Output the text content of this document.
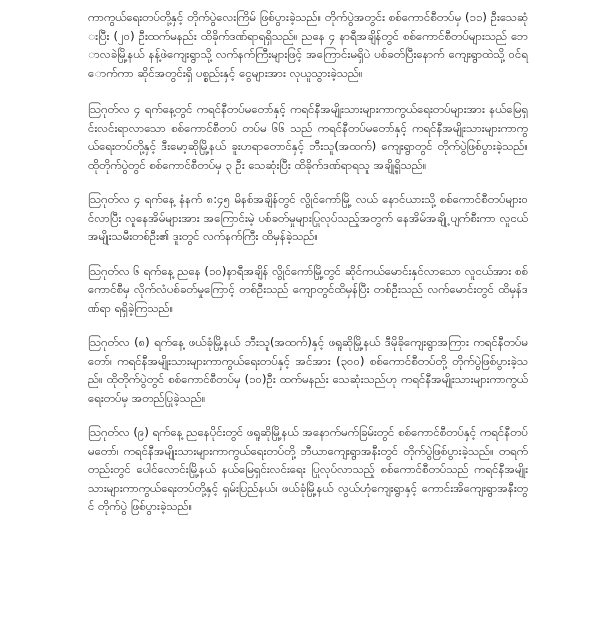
ကာကွယ်ရေးတပ်တို့နှင့် တိုက်ပွဲလေးကြိမ် ဖြစ်ပွားခဲ့သည်။ တိုက်ပွဲအတွင်း စစ်ကောင်စီတပ်မှ (၁၁) ဦးသေဆုံးပြီး (၂၀) ဦးထက်မနည်း ထိခိုက်ဒဏ်ရာရရှိသည်။ ညနေ ၄ နာရီအချိန်တွင် စစ်ကောင်စီတပ်များသည် ဘောလခဲမြို့နယ် နန့်ဖဲကျေးရွာသို့ လက်နက်ကြီးများဖြင့် အကြောင်းမရှိပဲ ပစ်ခတ်ပြီးနောက် ကျေးရွာထဲသို့ ဝင်ရောက်ကာ ဆိုင်အတွင်းရှိ ပစ္စည်းနှင့် ငွေများအား လုယူသွားခဲ့သည်။

ဩဂုတ်လ ၄ ရက်နေ့တွင် ကရင်နီတပ်မတော်နှင့် ကရင်နီအမျိုးသားများကာကွယ်ရေးတပ်များအား နယ်မြေရှင်းလင်းရာလာသော စစ်ကောင်စီတပ် တပ်မ ၆၆ သည် ကရင်နီတပ်မတော်နှင့် ကရင်နီအမျိုးသားများကာကွယ်ရေးတပ်တို့နှင့် ဒီးမော့ဆိုမြို့နယ် ခူးဟရာတောင်နှင့် ဘီးသူ(အထက်) ကျေးရွာတွင် တိုက်ပွဲဖြစ်ပွားခဲ့သည်။ ထိုတိုက်ပွဲတွင် စစ်ကောင်စီတပ်မှ ၃ ဦး သေဆုံးပြီး ထိခိုက်ဒဏ်ရာရသူ အချို့ရှိသည်။

ဩဂုတ်လ ၄ ရက်နေ့ နံနက် ၈:၄၅ မိနစ်အချိန်တွင် လွိုင်ကော်မြို့ လယ် နောင်ယားသို့ စစ်ကောင်စီတပ်များဝင်လာပြီး လူနေအိမ်များအား အကြောင်းမဲ့ ပစ်ခတ်မှုများပြုလုပ်သည့်အတွက် နေအိမ်အချို့ ပျက်စီးကာ လူငယ်အမျိုးသမီးတစ်ဦး၏ ဒူးတွင် လက်နက်ကြီး ထိမှန်ခဲ့သည်။

ဩဂုတ်လ ၆ ရက်နေ့ ညနေ (၁၀)နာရီအချိန် လွိုင်ကော်မြို့တွင် ဆိုင်ကယ်မောင်းနှင်လာသော လူငယ်အား စစ်ကောင်စီမှ လိုက်လံပစ်ခတ်မှုကြောင့် တစ်ဦးသည် ကျောတွင်ထိမှန်ပြီး တစ်ဦးသည် လက်မောင်းတွင် ထိမှန်ဒဏ်ရာ ရရှိခဲ့ကြသည်။

ဩဂုတ်လ (၈) ရက်နေ့ ဖယ်ခုံမြို့နယ် ဘီးသူ(အထက်)နှင့် ဖရူဆိုမြို့နယ် ဒီမိုခိုကျေးရွာအကြား ကရင်နီတပ်မတော်၊ ကရင်နီအမျိုးသားများကာကွယ်ရေးတပ်နှင့် အင်အား (၃၀၀) စစ်ကောင်စီတပ်တို့ တိုက်ပွဲဖြစ်ပွားခဲ့သည်။ ထိုတိုက်ပွဲတွင် စစ်ကောင်စီတပ်မှ (၁၀)ဦး ထက်မနည်း သေဆုံးသည်ဟု ကရင်နီအမျိုးသားများကာကွယ်ရေးတပ်မှ အတည်ပြုခဲ့သည်။

ဩဂုတ်လ (၉) ရက်နေ့ ညနေပိုင်းတွင် ဖရူဆိုမြို့နယ် အနောက်မက်ခြမ်းတွင် စစ်ကောင်စီတပ်နှင့် ကရင်နီတပ်မတော်၊ ကရင်နီအမျိုးသားများကာကွယ်ရေးတပ်တို့ ဘီယာကျေးရွာအနီးတွင် တိုက်ပွဲဖြစ်ပွားခဲ့သည်။ တရက်တည်းတွင် ပေါင်လောင်းမြို့နယ် နယ်မြေရှင်းလင်းရေး ပြုလုပ်လာသည့် စစ်ကောင်စီတပ်သည် ကရင်နီအမျိုးသားများကာကွယ်ရေးတပ်တို့နှင့် ရှမ်းပြည်နယ်၊ ဖယ်ခုံမြို့နယ် လွယ်ဟုံကျေးရွာနှင့် ကောင်းအိကျေးရွာအနီးတွင် တိုက်ပွဲ ဖြစ်ပွားခဲ့သည်။
